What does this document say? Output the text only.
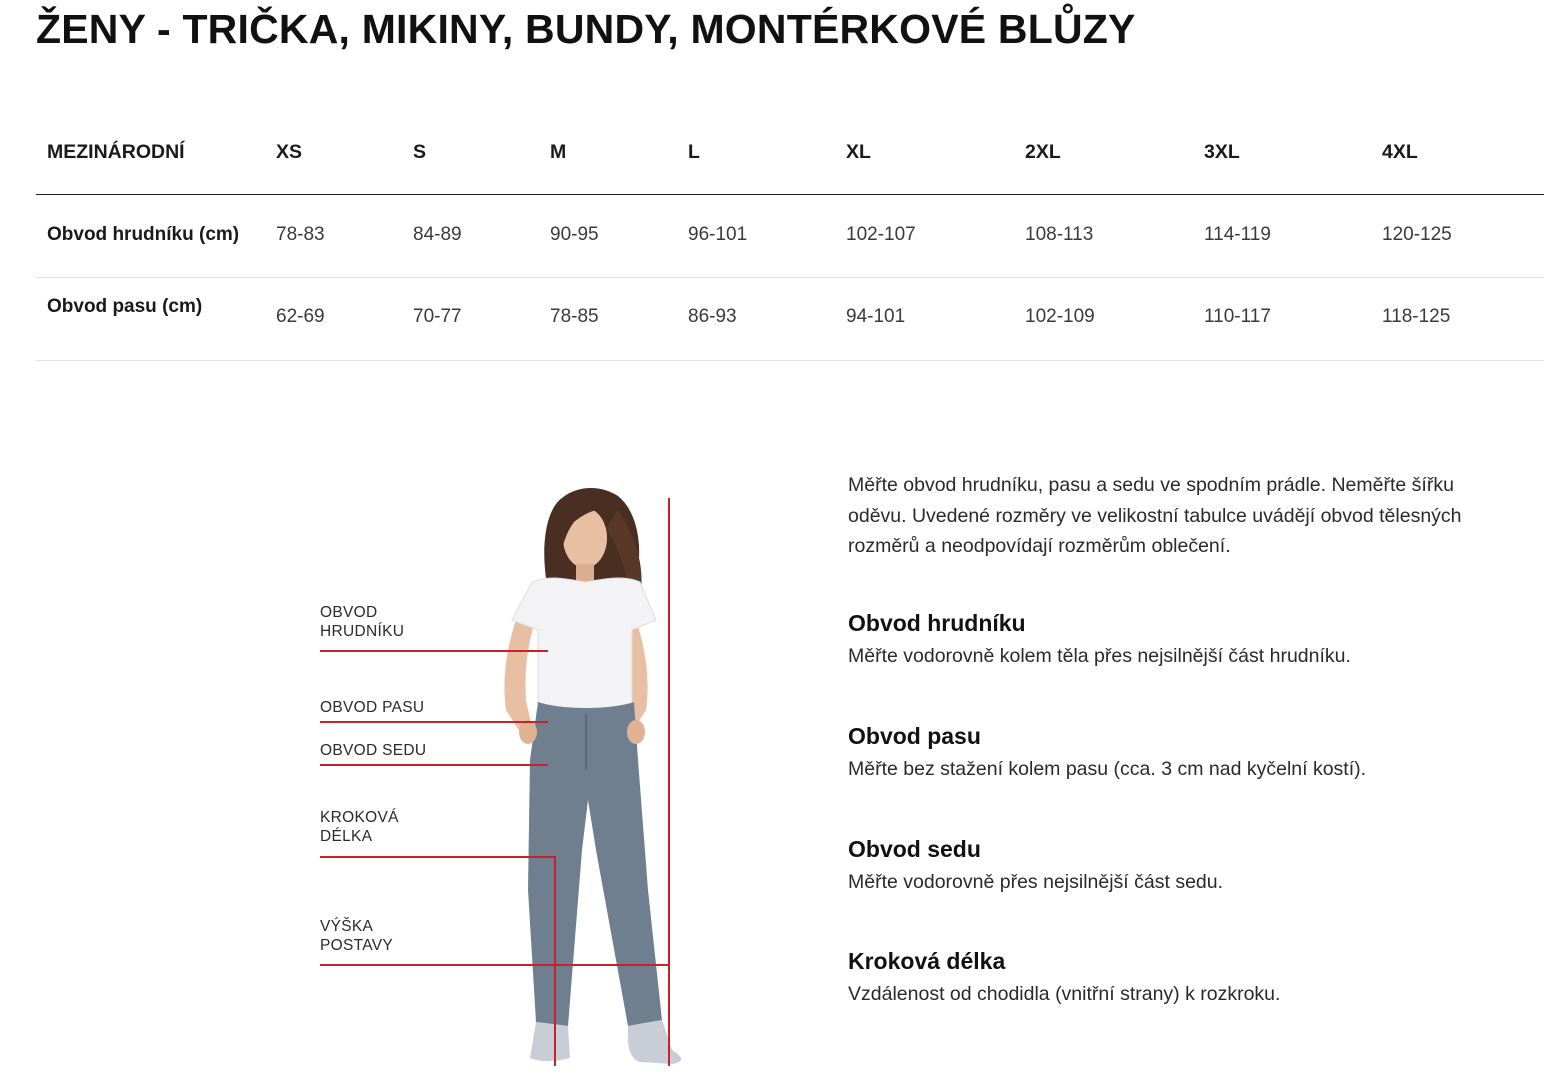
ŽENY - TRIČKA, MIKINY, BUNDY, MONTÉRKOVÉ BLŮZY
MEZINÁRODNÍ	XS	S	M	L	XL	2XL	3XL	4XL
Obvod hrudníku (cm) 78-83	84-89	90-95	96-101	102-107	108-113	114-119	120-125
Obvod pasu (cm)	62-69	70-77	78-85	86-93	94-101	102-109	110-117	118-125
OBVOD
HRUDNÍKU
OBVOD PASU
OBVOD SEDU
KROKOVÁ
DÉLKA
VÝŠKA
POSTAVY

Měřte obvod hrudníku, pasu a sedu ve spodním prádle. Neměřte šířku oděvu. Uvedené rozměry ve velikostní tabulce uvádějí obvod tělesných rozměrů a neodpovídají rozměrům oblečení.

Obvod hrudníku

Měřte vodorovně kolem těla přes nejsilnější část hrudníku.

Obvod pasu

Měřte bez stažení kolem pasu (cca. 3 cm nad kyčelní kostí).

Obvod sedu

Měřte vodorovně přes nejsilnější část sedu.

Kroková délka

Vzdálenost od chodidla (vnitřní strany) k rozkroku.
